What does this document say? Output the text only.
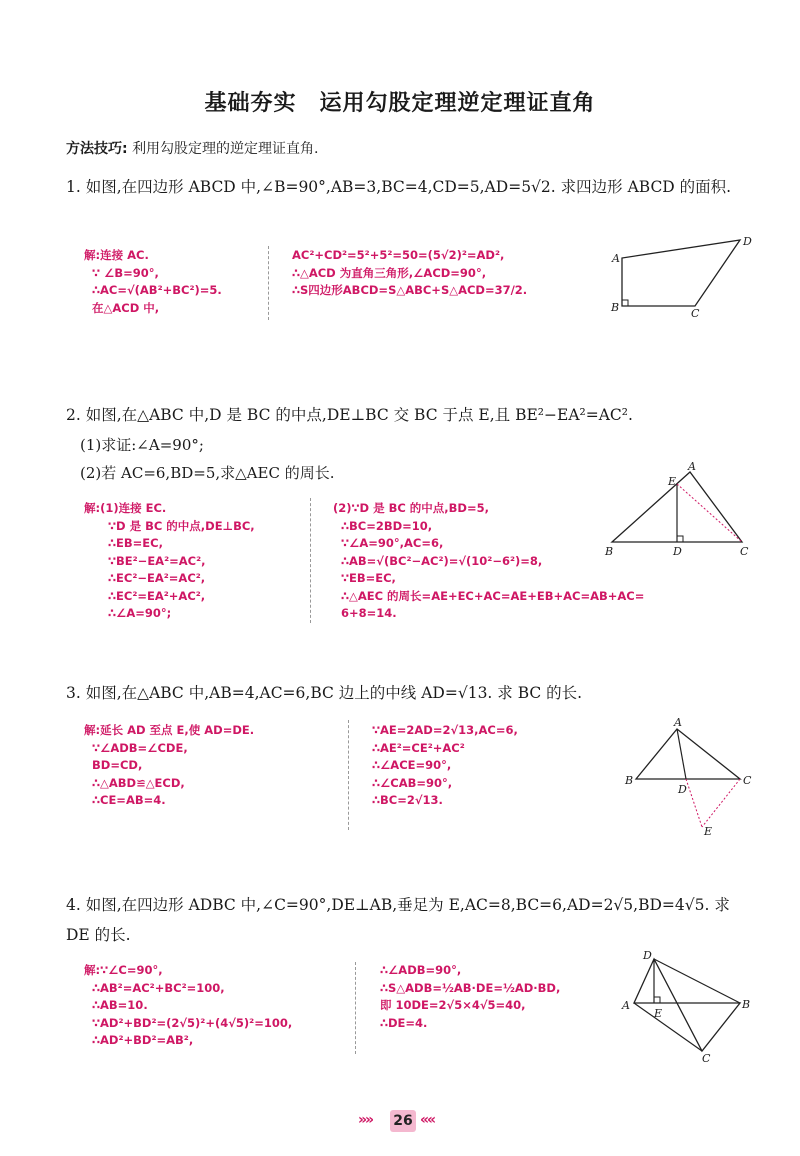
基础夯实　运用勾股定理逆定理证直角
方法技巧: 利用勾股定理的逆定理证直角.
1. 如图,在四边形 ABCD 中,∠B=90°,AB=3,BC=4,CD=5,AD=5√2. 求四边形 ABCD 的面积.
解:连接 AC.
∵ ∠B=90°,
∴AC=√(AB²+BC²)=5.
在△ACD 中,
AC²+CD²=5²+5²=50=(5√2)²=AD²,
∴△ACD 为直角三角形,∠ACD=90°,
∴S四边形ABCD=S△ABC+S△ACD=37/2.
A
B	C
D
2. 如图,在△ABC 中,D 是 BC 的中点,DE⊥BC 交 BC 于点 E,且 BE²−EA²=AC².
(1)求证:∠A=90°;
(2)若 AC=6,BD=5,求△AEC 的周长.
解:(1)连接 EC.
∵D 是 BC 的中点,DE⊥BC,
∴EB=EC,
∵BE²−EA²=AC²,
∴EC²−EA²=AC²,
∴EC²=EA²+AC²,
∴∠A=90°;
(2)∵D 是 BC 的中点,BD=5,
∴BC=2BD=10,
∵∠A=90°,AC=6,
∴AB=√(BC²−AC²)=√(10²−6²)=8,
∵EB=EC,
∴△AEC 的周长=AE+EC+AC=AE+EB+AC=AB+AC=
6+8=14.
A
E
B	D	C
3. 如图,在△ABC 中,AB=4,AC=6,BC 边上的中线 AD=√13. 求 BC 的长.
解:延长 AD 至点 E,使 AD=DE.
∵∠ADB=∠CDE,
BD=CD,
∴△ABD≌△ECD,
∴CE=AB=4.
∵AE=2AD=2√13,AC=6,
∴AE²=CE²+AC²
∴∠ACE=90°,
∴∠CAB=90°,
∴BC=2√13.
A
B	C
D
E
4. 如图,在四边形 ADBC 中,∠C=90°,DE⊥AB,垂足为 E,AC=8,BC=6,AD=2√5,BD=4√5. 求 DE 的长.
解:∵∠C=90°,
∴AB²=AC²+BC²=100,
∴AB=10.
∵AD²+BD²=(2√5)²+(4√5)²=100,
∴AD²+BD²=AB²,
∴∠ADB=90°,
∴S△ADB=½AB·DE=½AD·BD,
即 10DE=2√5×4√5=40,
∴DE=4.
D
A
E
B
C
»» 26 ««
